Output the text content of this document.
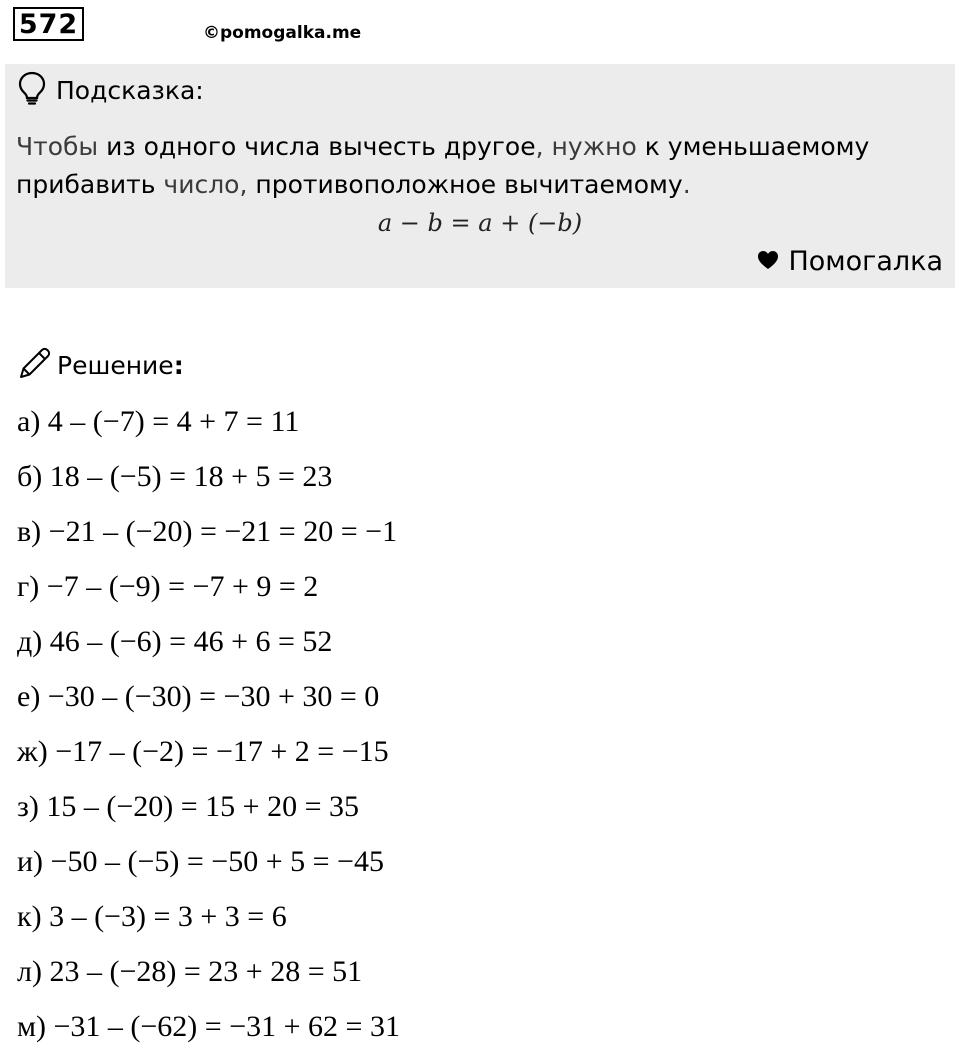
572	©pomogalka.me
Подсказка:
Чтобы из одного числа вычесть другое, нужно к уменьшаемому прибавить число, противоположное вычитаемому.
a − b = a + (−b)
Помогалка
Решение :
а) 4 – (−7) = 4 + 7 = 11
б) 18 – (−5) = 18 + 5 = 23
в) −21 – (−20) = −21 = 20 = −1
г) −7 – (−9) = −7 + 9 = 2
д) 46 – (−6) = 46 + 6 = 52
е) −30 – (−30) = −30 + 30 = 0
ж) −17 – (−2) = −17 + 2 = −15
з) 15 – (−20) = 15 + 20 = 35
и) −50 – (−5) = −50 + 5 = −45
к) 3 – (−3) = 3 + 3 = 6
л) 23 – (−28) = 23 + 28 = 51
м) −31 – (−62) = −31 + 62 = 31
